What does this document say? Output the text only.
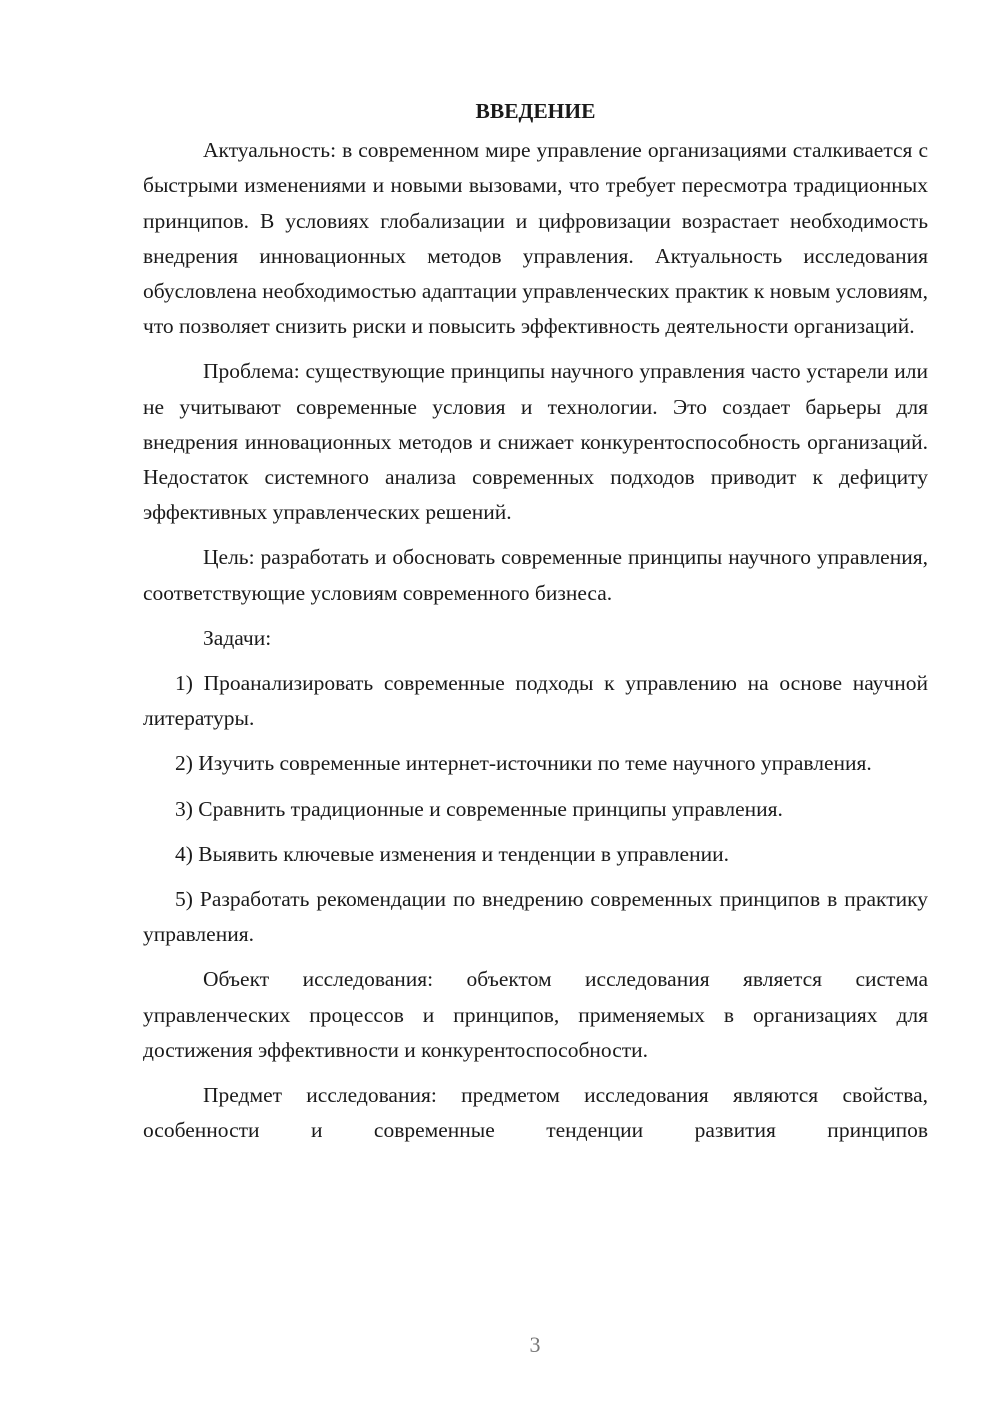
ВВЕДЕНИЕ

Актуальность: в современном мире управление организациями сталкивается с быстрыми изменениями и новыми вызовами, что требует пересмотра традиционных принципов. В условиях глобализации и цифровизации возрастает необходимость внедрения инновационных методов управления. Актуальность исследования обусловлена необходимостью адаптации управленческих практик к новым условиям, что позволяет снизить риски и повысить эффективность деятельности организаций.

Проблема: существующие принципы научного управления часто устарели или не учитывают современные условия и технологии. Это создает барьеры для внедрения инновационных методов и снижает конкурентоспособность организаций. Недостаток системного анализа современных подходов приводит к дефициту эффективных управленческих решений.

Цель: разработать и обосновать современные принципы научного управления, соответствующие условиям современного бизнеса.

Задачи:

1) Проанализировать современные подходы к управлению на основе научной литературы.

2) Изучить современные интернет-источники по теме научного управления.

3) Сравнить традиционные и современные принципы управления.

4) Выявить ключевые изменения и тенденции в управлении.

5) Разработать рекомендации по внедрению современных принципов в практику управления.

Объект исследования: объектом исследования является система управленческих процессов и принципов, применяемых в организациях для достижения эффективности и конкурентоспособности.

Предмет исследования: предметом исследования являются свойства, особенности и современные тенденции развития принципов

3
